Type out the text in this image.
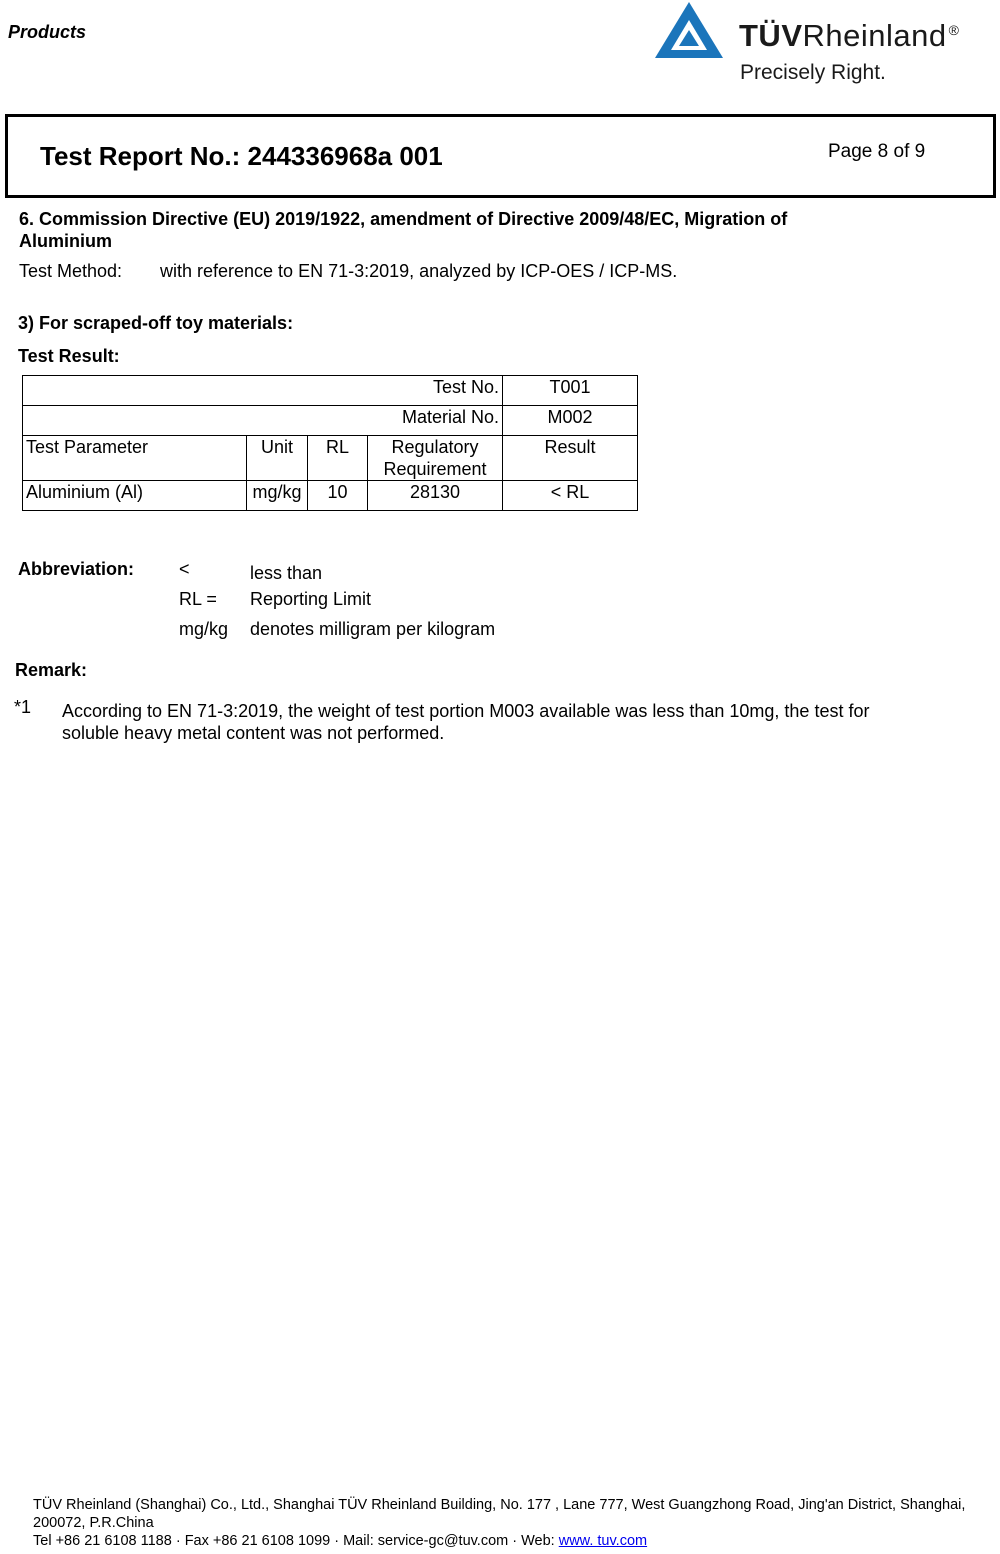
Products	TÜVRheinland ®
Precisely Right.
Test Report No.: 244336968a 001	Page 8 of 9
6. Commission Directive (EU) 2019/1922, amendment of Directive 2009/48/EC, Migration of Aluminium
Test Method: with reference to EN 71-3:2019, analyzed by ICP-OES / ICP-MS.
3) For scraped-off toy materials:
Test Result:
Test No.				T001
Material No.				M002
Test Parameter	Unit	RL	Regulatory Requirement	Result
Aluminium (Al)	mg/kg	10	28130	< RL
Abbreviation: <	less than
RL = Reporting Limit
mg/kg denotes milligram per kilogram
Remark:
*1 According to EN 71-3:2019, the weight of test portion M003 available was less than 10mg, the test for soluble heavy metal content was not performed.
TÜV Rheinland (Shanghai) Co., Ltd., Shanghai TÜV Rheinland Building, No. 177 , Lane 777, West Guangzhong Road, Jing'an District, Shanghai, 200072, P.R.China
Tel +86 21 6108 1188 · Fax +86 21 6108 1099 · Mail: service-gc@tuv.com · Web: www. tuv.com
